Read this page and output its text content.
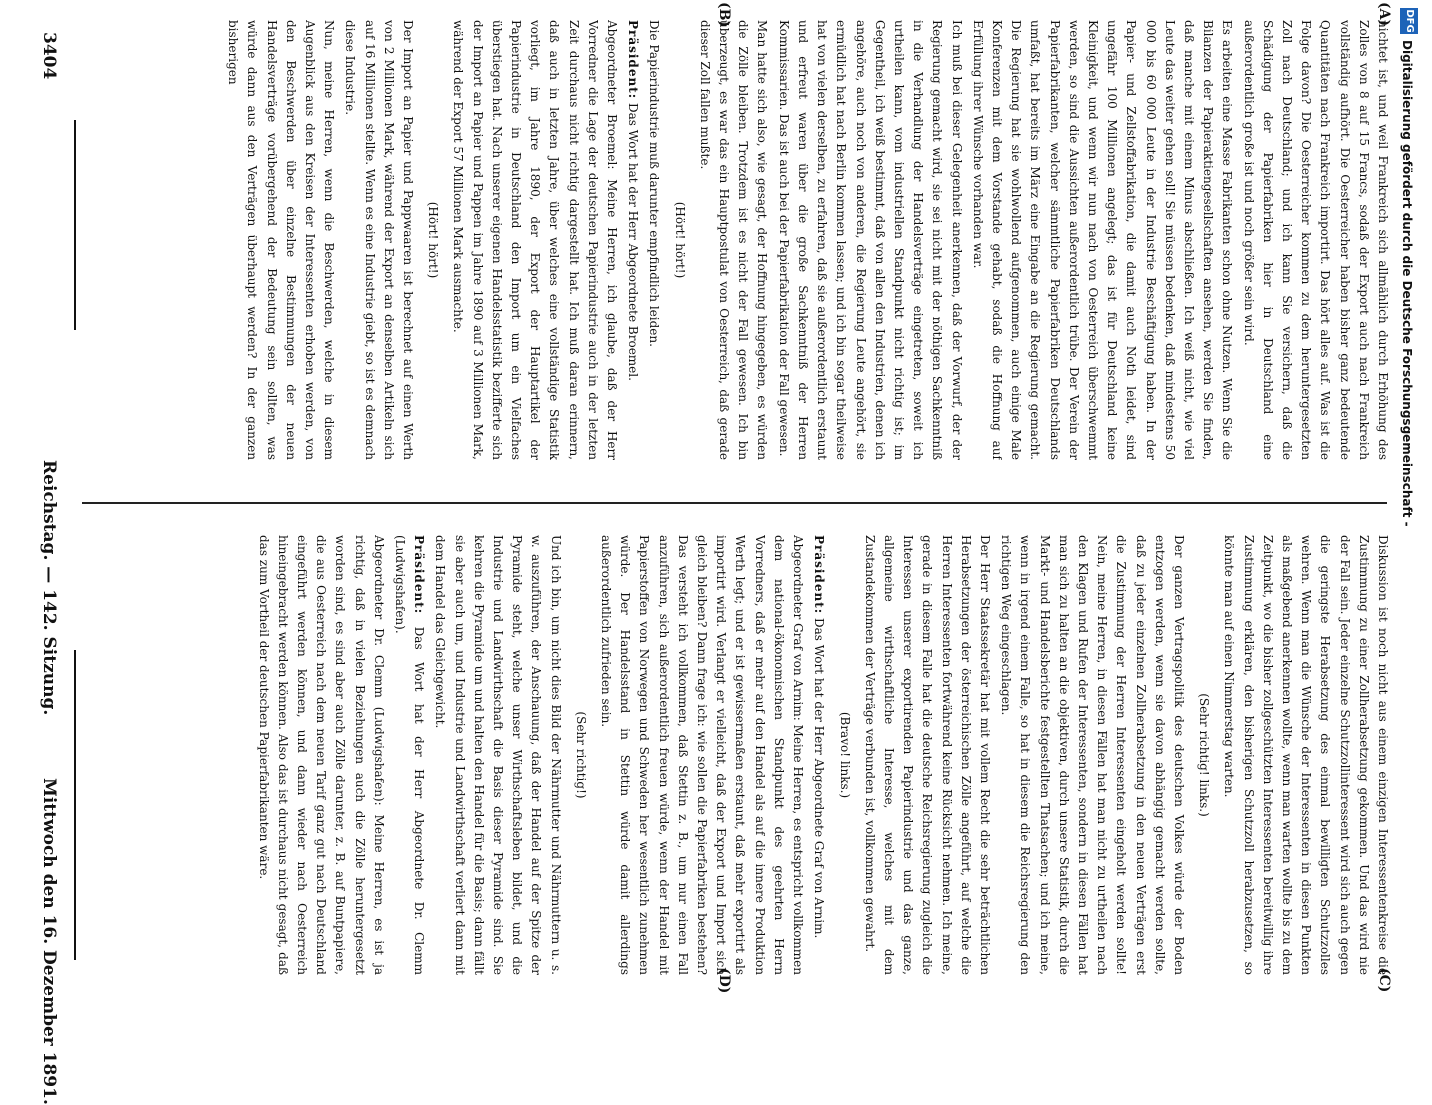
3404
Reichstag. — 142. Sitzung.
Mittwoch den 16. Dezember 1891.
(A)
(B)
(C)
(D)

nichtet ist, und weil Frankreich sich allmählich durch Erhöhung des Zolles von 8 auf 15 Francs, sodaß der Export auch nach Frankreich vollständig aufhört. Die Oesterreicher haben bisher ganz bedeutende Quantitäten nach Frankreich importirt. Das hört alles auf. Was ist die Folge davon? Die Oesterreicher kommen zu dem heruntergesetzten Zoll nach Deutschland; und ich kann Sie versichern, daß die Schädigung der Papierfabriken hier in Deutschland eine außerordentlich große ist und noch größer sein wird.

Es arbeiten eine Masse Fabrikanten schon ohne Nutzen. Wenn Sie die Bilanzen der Papieraktiengesellschaften ansehen, werden Sie finden, daß manche mit einem Minus abschließen. Ich weiß nicht, wie viel Leute das weiter gehen soll! Sie müssen bedenken, daß mindestens 50 000 bis 60 000 Leute in der Industrie Beschäftigung haben. In der Papier- und Zellstoffabrikation, die damit auch Noth leidet, sind ungefähr 100 Millionen angelegt; das ist für Deutschland keine Kleinigkeit, und wenn wir nun nach von Oesterreich überschwemmt werden, so sind die Aussichten außerordentlich trübe. Der Verein der Papierfabrikanten, welcher sämmtliche Papierfabriken Deutschlands umfaßt, hat bereits im März eine Eingabe an die Regierung gemacht. Die Regierung hat sie wohlwollend aufgenommen, auch einige Male Konferenzen mit dem Vorstande gehabt, sodaß die Hoffnung auf Erfüllung ihrer Wünsche vorhanden war.

Ich muß bei dieser Gelegenheit anerkennen, daß der Vorwurf, der der Regierung gemacht wird, sie sei nicht mit der nöthigen Sachkenntniß in die Verhandlung der Handelsverträge eingetreten, soweit ich urtheilen kann, vom industriellen Standpunkt nicht richtig ist; im Gegentheil, ich weiß bestimmt, daß von allen den Industrien, denen ich angehöre, auch noch von anderen, die Regierung Leute angehört, sie ermüdlich hat nach Berlin kommen lassen; und ich bin sogar theilweise hat von vielen derselben, zu erfahren, daß sie außerordentlich erstaunt und erfreut waren über die große Sachkenntniß der Herren Kommissarien. Das ist auch bei der Papierfabrikation der Fall gewesen.

Man hatte sich also, wie gesagt, der Hoffnung hingegeben, es würden die Zölle bleiben. Trotzdem ist es nicht der Fall gewesen. Ich bin überzeugt, es war das ein Hauptpostulat von Oesterreich, daß gerade dieser Zoll fallen mußte.

(Hört! hört!)

Die Papierindustrie muß darunter empfindlich leiden.

Präsident: Das Wort hat der Herr Abgeordnete Broemel.

Abgeordneter Broemel: Meine Herren, ich glaube, daß der Herr Vorredner die Lage der deutschen Papierindustrie auch in der letzten Zeit durchaus nicht richtig dargestellt hat. Ich muß daran erinnern, daß auch in letzten Jahre, über welches eine vollständige Statistik vorliegt, im Jahre 1890, der Export der Hauptartikel der Papierindustrie in Deutschland den Import um ein Vielfaches überstiegen hat. Nach unserer eigenen Handelsstatistik bezifferte sich der Import an Papier und Pappen im Jahre 1890 auf 3 Millionen Mark, während der Export 57 Millionen Mark ausmachte.

(Hört! hört!)

Der Import an Papier und Pappwaaren ist berechnet auf einen Werth von 2 Millionen Mark, während der Export an denselben Artikeln sich auf 16 Millionen stellte. Wenn es eine Industrie giebt, so ist es demnach diese Industrie.

Nun, meine Herren, wenn die Beschwerden, welche in diesem Augenblick aus den Kreisen der Interessenten erhoben werden, von den Beschwerden über einzelne Bestimmungen der neuen Handelsverträge vorübergehend der Bedeutung sein sollten, was würde dann aus den Verträgen überhaupt werden? In der ganzen bisherigen

Diskussion ist noch nicht aus einem einzigen Interessentenkreise die Zustimmung zu einer Zollherabsetzung gekommen. Und das wird nie der Fall sein. Jeder einzelne Schutzzollinteressent wird sich auch gegen die geringste Herabsetzung des einmal bewilligten Schutzzolles wehren. Wenn man die Wünsche der Interessenten in diesen Punkten als maßgebend anerkennen wollte, wenn man warten wollte bis zu dem Zeitpunkt, wo die bisher zollgeschützten Interessenten bereitwillig ihre Zustimmung erklären, den bisherigen Schutzzoll herabzusetzen, so könnte man auf einen Nimmerstag warten.

(Sehr richtig! links.)

Der ganzen Vertragspolitik des deutschen Volkes würde der Boden entzogen werden, wenn sie davon abhängig gemacht werden sollte, daß zu jeder einzelnen Zollherabsetzung in den neuen Verträgen erst die Zustimmung der Herren Interessenten eingeholt werden sollte! Nein, meine Herren, in diesen Fällen hat man nicht zu urtheilen nach den Klagen und Rufen der Interessenten, sondern in diesen Fällen hat man sich zu halten an die objektiven, durch unsere Statistik, durch die Markt- und Handelsberichte festgestellten Thatsachen; und ich meine, wenn in irgend einem Falle, so hat in diesem die Reichsregierung den richtigen Weg eingeschlagen.

Der Herr Staatssekretär hat mit vollem Recht die sehr beträchtlichen Herabsetzungen der österreichischen Zölle angeführt, auf welche die Herren Interessenten fortwährend keine Rücksicht nehmen. Ich meine, gerade in diesem Falle hat die deutsche Reichsregierung zugleich die Interessen unserer exportirenden Papierindustrie und das ganze, allgemeine wirthschaftliche Interesse, welches mit dem Zustandekommen der Verträge verbunden ist, vollkommen gewahrt.

(Bravo! links.)

Präsident: Das Wort hat der Herr Abgeordnete Graf von Arnim.

Abgeordneter Graf von Arnim: Meine Herren, es entspricht vollkommen dem national-ökonomischen Standpunkt des geehrten Herrn Vorredners, daß er mehr auf den Handel als auf die innere Produktion Werth legt; und er ist gewissermaßen erstaunt, daß mehr exportirt als importirt wird. Verlangt er vielleicht, daß der Export und Import sich gleich bleiben? Dann frage ich: wie sollen die Papierfabriken bestehen? Das versteht ich vollkommen, daß Stettin z. B., um nur einen Fall anzuführen, sich außerordentlich freuen würde, wenn der Handel mit Papierstoffen von Norwegen und Schweden her wesentlich zunehmen würde. Der Handelsstand in Stettin würde damit allerdings außerordentlich zufrieden sein.

(Sehr richtig!)

Und ich bin, um nicht dies Bild der Nährmutter und Nährmuttern u. s. w. auszuführen, der Anschauung, daß der Handel auf der Spitze der Pyramide steht, welche unser Wirthschaftsleben bildet, und die Industrie und Landwirthschaft die Basis dieser Pyramide sind. Sie kehren die Pyramide um und halten den Handel für die Basis; dann fällt sie aber auch um, und Industrie und Landwirthschaft verliert dann mit dem Handel das Gleichgewicht.

Präsident: Das Wort hat der Herr Abgeordnete Dr. Clemm (Ludwigshafen).

Abgeordneter Dr. Clemm (Ludwigshafen): Meine Herren, es ist ja richtig, daß in vielen Beziehungen auch die Zölle heruntergesetzt worden sind, es sind aber auch Zölle darunter, z. B. auf Buntpapiere, die aus Oesterreich nach dem neuen Tarif ganz gut nach Deutschland eingeführt werden können, und dann wieder nach Oesterreich hineingebracht werden können. Also das ist durchaus nicht gesagt, daß das zum Vortheil der deutschen Papierfabrikanten wäre.

Digitalisierung gefördert durch die Deutsche Forschungsgemeinschaft -
DFG
